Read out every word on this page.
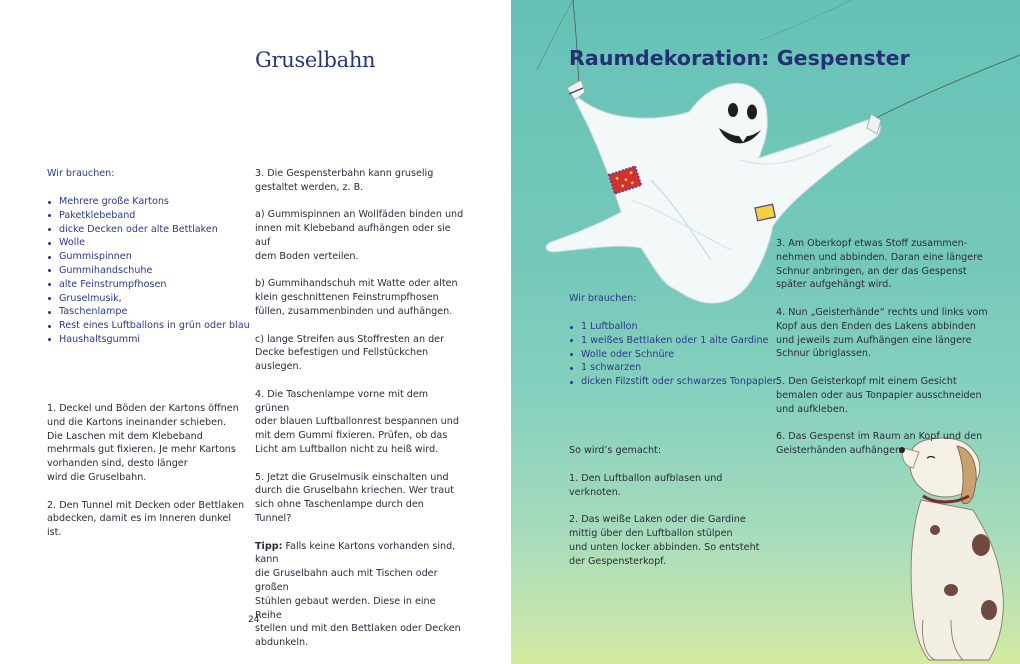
Gruselbahn
Wir brauchen:
Mehrere große Kartons
Paketklebeband
dicke Decken oder alte Bettlaken
Wolle
Gummispinnen
Gummihandschuhe
alte Feinstrumpfhosen
Gruselmusik,
Taschenlampe
Rest eines Luftballons in grün oder blau
Haushaltsgummi
1. Deckel und Böden der Kartons öffnen
und die Kartons ineinander schieben.
Die Laschen mit dem Klebeband
mehrmals gut fixieren. Je mehr Kartons
vorhanden sind, desto länger
wird die Gruselbahn.
2. Den Tunnel mit Decken oder Bettlaken
abdecken, damit es im Inneren dunkel ist.
3. Die Gespensterbahn kann gruselig
gestaltet werden, z. B.
a) Gummispinnen an Wollfäden binden und
innen mit Klebeband aufhängen oder sie auf
dem Boden verteilen.
b) Gummihandschuh mit Watte oder alten
klein geschnittenen Feinstrumpfhosen
füllen, zusammenbinden und aufhängen.
c) lange Streifen aus Stoffresten an der
Decke befestigen und Fellstückchen
auslegen.
4. Die Taschenlampe vorne mit dem grünen
oder blauen Luftballonrest bespannen und
mit dem Gummi fixieren. Prüfen, ob das
Licht am Luftballon nicht zu heiß wird.
5. Jetzt die Gruselmusik einschalten und
durch die Gruselbahn kriechen. Wer traut
sich ohne Taschenlampe durch den
Tunnel?
Tipp: Falls keine Kartons vorhanden sind, kann
die Gruselbahn auch mit Tischen oder großen
Stühlen gebaut werden. Diese in eine Reihe
stellen und mit den Bettlaken oder Decken
abdunkeln.
24
Raumdekoration: Gespenster
Wir brauchen:
1 Luftballon
1 weißes Bettlaken oder 1 alte Gardine
Wolle oder Schnüre
1 schwarzen
dicken Filzstift oder schwarzes Tonpapier.
So wird’s gemacht:
1. Den Luftballon aufblasen und verknoten.
2. Das weiße Laken oder die Gardine
mittig über den Luftballon stülpen
und unten locker abbinden. So entsteht
der Gespensterkopf.
3. Am Oberkopf etwas Stoff zusammen-
nehmen und abbinden. Daran eine längere
Schnur anbringen, an der das Gespenst
später aufgehängt wird.
4. Nun „Geisterhände“ rechts und links vom
Kopf aus den Enden des Lakens abbinden
und jeweils zum Aufhängen eine längere
Schnur übriglassen.
5. Den Geisterkopf mit einem Gesicht
bemalen oder aus Tonpapier ausschneiden
und aufkleben.
6. Das Gespenst im Raum an Kopf und den
Geisterhänden aufhängen.
